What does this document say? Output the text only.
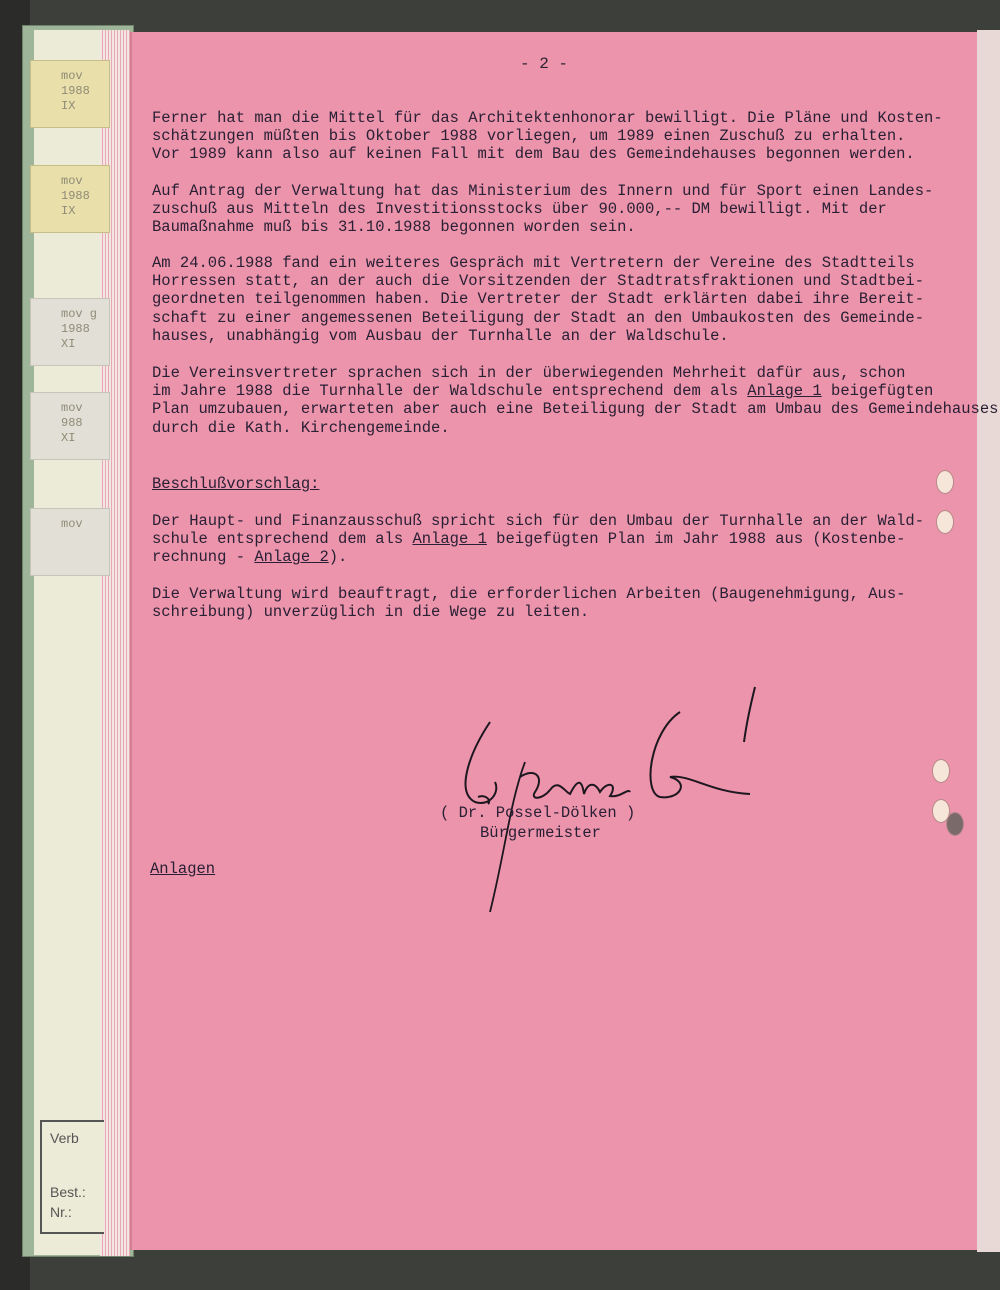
mov
1988
IX
mov
1988
IX
mov g
1988
XI
mov
988
XI
mov
Verb
Best.:
Nr.:
- 2 -
Ferner hat man die Mittel für das Architektenhonorar bewilligt. Die Pläne und Kosten-
schätzungen müßten bis Oktober 1988 vorliegen, um 1989 einen Zuschuß zu erhalten.
Vor 1989 kann also auf keinen Fall mit dem Bau des Gemeindehauses begonnen werden.
Auf Antrag der Verwaltung hat das Ministerium des Innern und für Sport einen Landes-
zuschuß aus Mitteln des Investitionsstocks über 90.000,-- DM bewilligt. Mit der
Baumaßnahme muß bis 31.10.1988 begonnen worden sein.
Am 24.06.1988 fand ein weiteres Gespräch mit Vertretern der Vereine des Stadtteils
Horressen statt, an der auch die Vorsitzenden der Stadtratsfraktionen und Stadtbei-
geordneten teilgenommen haben. Die Vertreter der Stadt erklärten dabei ihre Bereit-
schaft zu einer angemessenen Beteiligung der Stadt an den Umbaukosten des Gemeinde-
hauses, unabhängig vom Ausbau der Turnhalle an der Waldschule.
Die Vereinsvertreter sprachen sich in der überwiegenden Mehrheit dafür aus, schon
im Jahre 1988 die Turnhalle der Waldschule entsprechend dem als Anlage 1 beigefügten
Plan umzubauen, erwarteten aber auch eine Beteiligung der Stadt am Umbau des Gemeindehauses
durch die Kath. Kirchengemeinde.
Beschlußvorschlag:
Der Haupt- und Finanzausschuß spricht sich für den Umbau der Turnhalle an der Wald-
schule entsprechend dem als Anlage 1 beigefügten Plan im Jahr 1988 aus (Kostenbe-
rechnung - Anlage 2).
Die Verwaltung wird beauftragt, die erforderlichen Arbeiten (Baugenehmigung, Aus-
schreibung) unverzüglich in die Wege zu leiten.
( Dr. Possel-Dölken )
Bürgermeister
Anlagen
